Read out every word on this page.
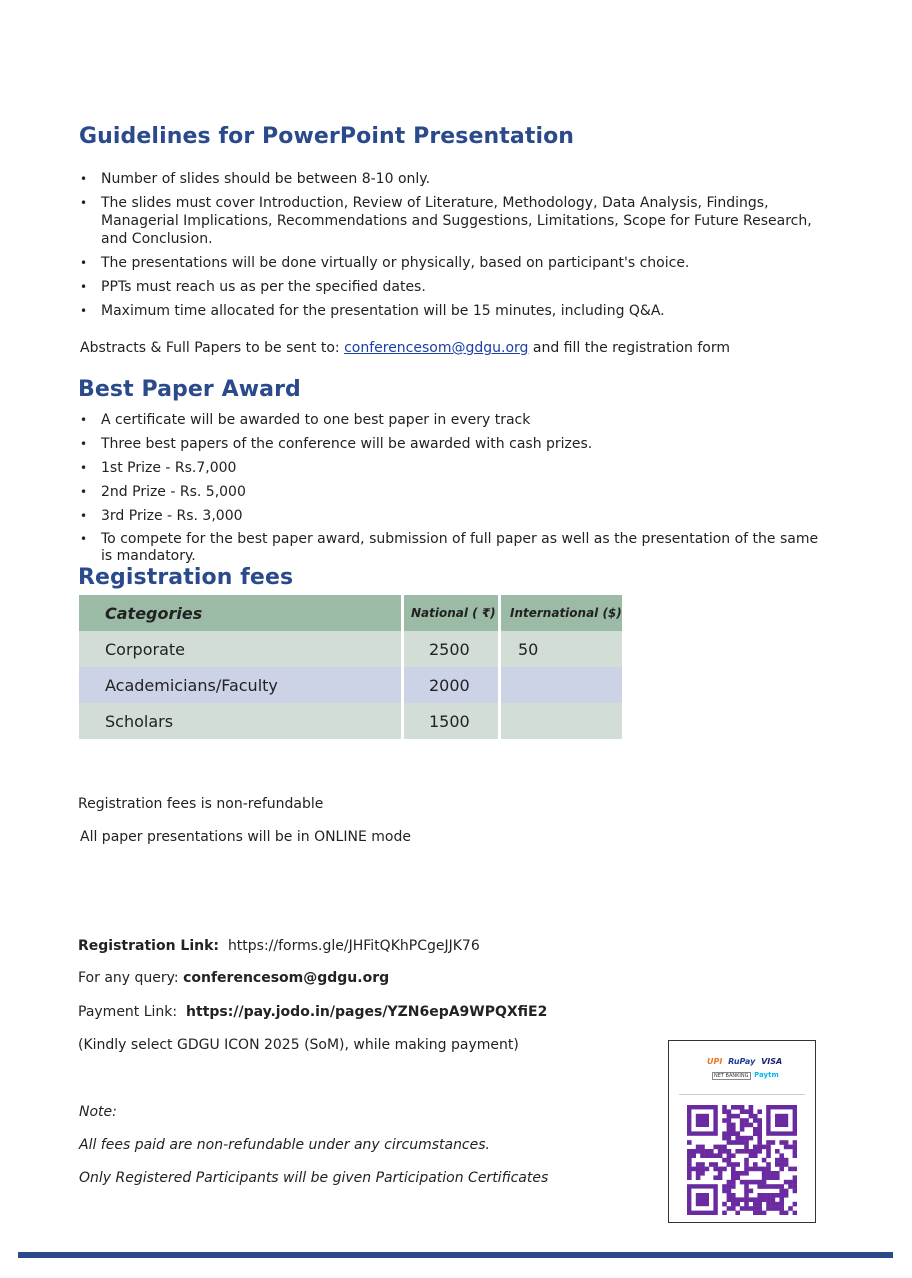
Guidelines for PowerPoint Presentation
• Number of slides should be between 8-10 only.
• The slides must cover Introduction, Review of Literature, Methodology, Data Analysis, Findings, Managerial Implications, Recommendations and Suggestions, Limitations, Scope for Future Research, and Conclusion.
• The presentations will be done virtually or physically, based on participant's choice.
• PPTs must reach us as per the specified dates.
• Maximum time allocated for the presentation will be 15 minutes, including Q&A.
Abstracts & Full Papers to be sent to: conferencesom@gdgu.org and fill the registration form
Best Paper Award
• A certificate will be awarded to one best paper in every track
• Three best papers of the conference will be awarded with cash prizes.
• 1st Prize - Rs.7,000
• 2nd Prize - Rs. 5,000
• 3rd Prize - Rs. 3,000
• To compete for the best paper award, submission of full paper as well as the presentation of the same is mandatory.
Registration fees
Categories	National ( ₹)	International ($)
Corporate	2500	50
Academicians/Faculty	2000	
Scholars	1500	
Registration fees is non-refundable
All paper presentations will be in ONLINE mode
Registration Link: https://forms.gle/JHFitQKhPCgeJJK76
For any query: conferencesom@gdgu.org
Payment Link:  https://pay.jodo.in/pages/YZN6epA9WPQXfiE2
(Kindly select GDGU ICON 2025 (SoM), while making payment)
Note:
All fees paid are non-refundable under any circumstances.
Only Registered Participants will be given Participation Certificates
UPI RuPay VISA
NET BANKING Paytm
